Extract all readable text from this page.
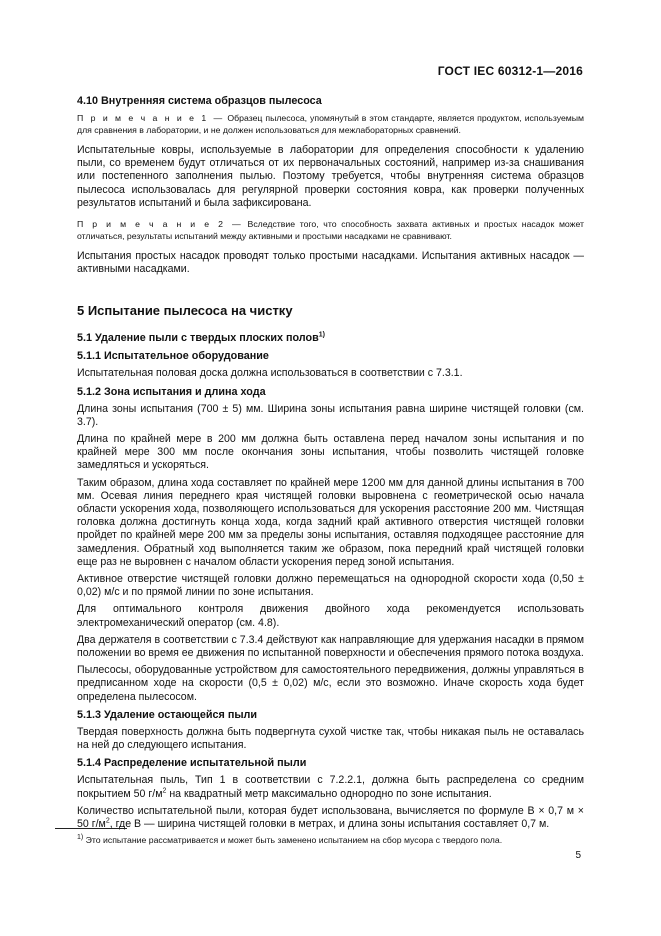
ГОСТ IEC 60312-1—2016
4.10 Внутренняя система образцов пылесоса

П р и м е ч а н и е 1 — Образец пылесоса, упомянутый в этом стандарте, является продуктом, используемым для сравнения в лаборатории, и не должен использоваться для межлабораторных сравнений.

Испытательные ковры, используемые в лаборатории для определения способности к удалению пыли, со временем будут отличаться от их первоначальных состояний, например из-за снашивания или постепенного заполнения пылью. Поэтому требуется, чтобы внутренняя система образцов пылесоса использовалась для регулярной проверки состояния ковра, как проверки полученных результатов испытаний и была зафиксирована.

П р и м е ч а н и е 2 — Вследствие того, что способность захвата активных и простых насадок может отличаться, результаты испытаний между активными и простыми насадками не сравнивают.

Испытания простых насадок проводят только простыми насадками. Испытания активных насадок — активными насадками.

5 Испытание пылесоса на чистку
5.1 Удаление пыли с твердых плоских полов$^{1)}$
5.1.1 Испытательное оборудование

Испытательная половая доска должна использоваться в соответствии с 7.3.1.

5.1.2 Зона испытания и длина хода

Длина зоны испытания (700 ± 5) мм. Ширина зоны испытания равна ширине чистящей головки (см. 3.7).

Длина по крайней мере в 200 мм должна быть оставлена перед началом зоны испытания и по крайней мере 300 мм после окончания зоны испытания, чтобы позволить чистящей головке замедляться и ускоряться.

Таким образом, длина хода составляет по крайней мере 1200 мм для данной длины испытания в 700 мм. Осевая линия переднего края чистящей головки выровнена с геометрической осью начала области ускорения хода, позволяющего использоваться для ускорения расстояние 200 мм. Чистящая головка должна достигнуть конца хода, когда задний край активного отверстия чистящей головки пройдет по крайней мере 200 мм за пределы зоны испытания, оставляя подходящее расстояние для замедления. Обратный ход выполняется таким же образом, пока передний край чистящей головки еще раз не выровнен с началом области ускорения перед зоной испытания.

Активное отверстие чистящей головки должно перемещаться на однородной скорости хода (0,50 ± 0,02) м/с и по прямой линии по зоне испытания.

Для оптимального контроля движения двойного хода рекомендуется использовать электромеханический оператор (см. 4.8).

Два держателя в соответствии с 7.3.4 действуют как направляющие для удержания насадки в прямом положении во время ее движения по испытанной поверхности и обеспечения прямого потока воздуха.

Пылесосы, оборудованные устройством для самостоятельного передвижения, должны управляться в предписанном ходе на скорости (0,5 ± 0,02) м/с, если это возможно. Иначе скорость хода будет определена пылесосом.

5.1.3 Удаление остающейся пыли

Твердая поверхность должна быть подвергнута сухой чистке так, чтобы никакая пыль не оставалась на ней до следующего испытания.

5.1.4 Распределение испытательной пыли

Испытательная пыль, Тип 1 в соответствии с 7.2.2.1, должна быть распределена со средним покрытием 50 $г/м^2$ на квадратный метр максимально однородно по зоне испытания.

Количество испытательной пыли, которая будет использована, вычисляется по формуле В × 0,7 м × 50 $г/м^2$, где В — ширина чистящей головки в метрах, и длина зоны испытания составляет 0,7 м.

$^{1)}$ Это испытание рассматривается и может быть заменено испытанием на сбор мусора с твердого пола.
5
